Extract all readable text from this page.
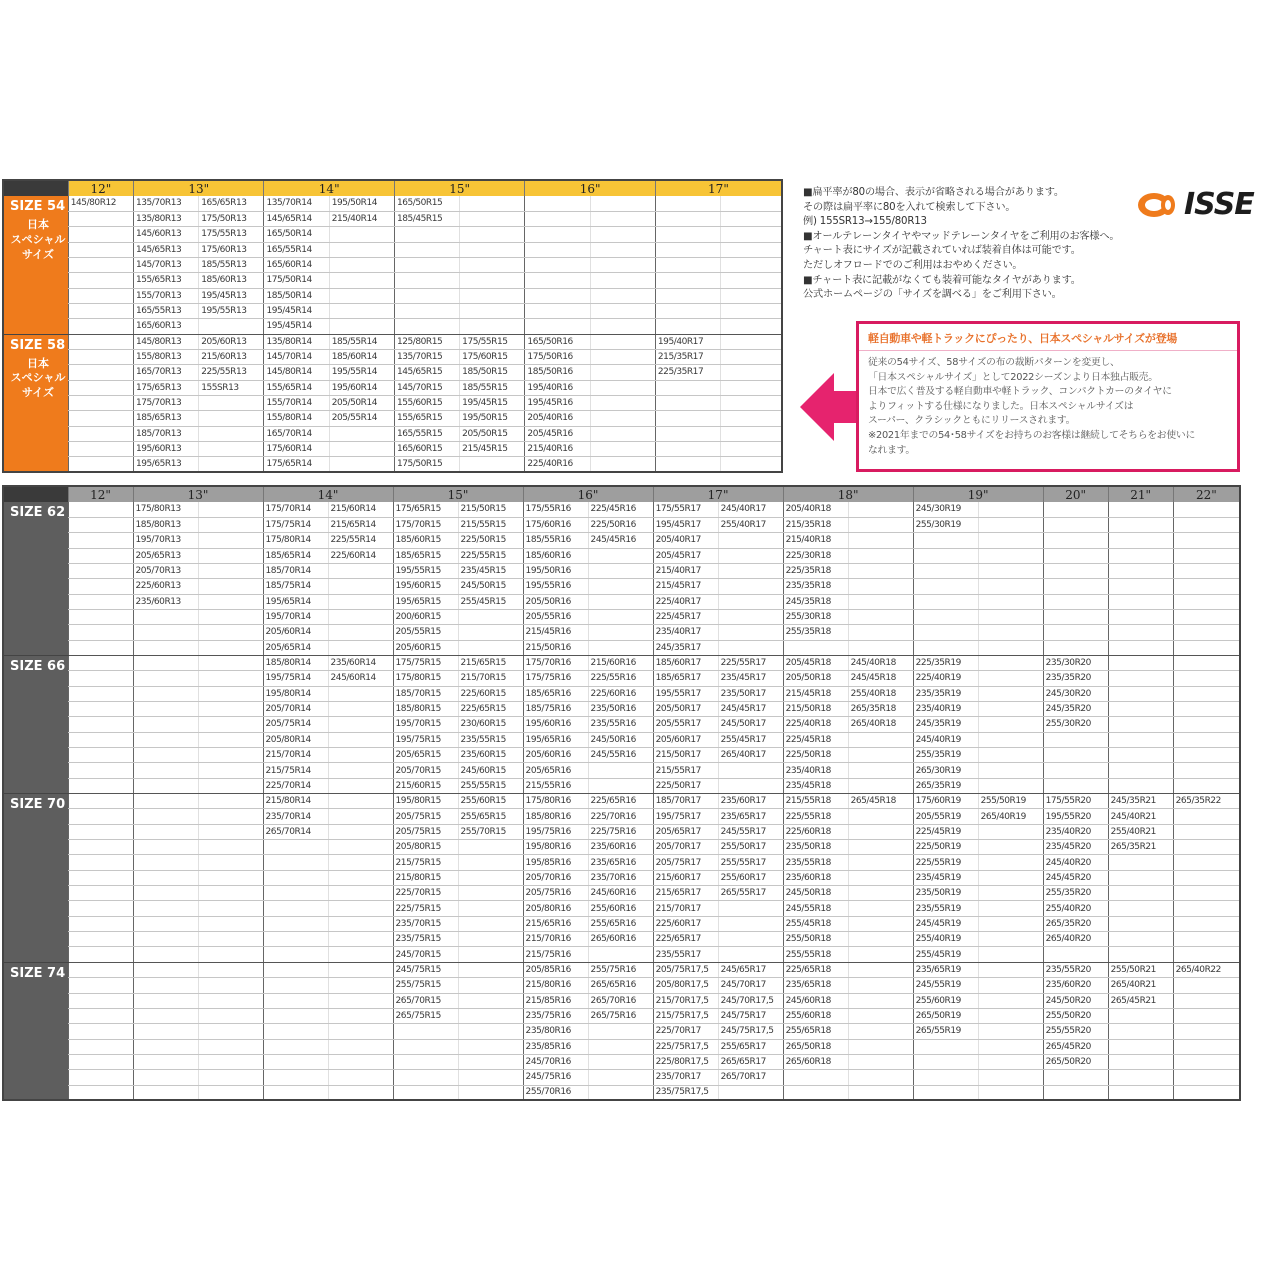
	12"	13"		14"		15"		16"		17"	
SIZE 54
日本
スペシャル
サイズ	145/80R12	135/70R13	165/65R13	135/70R14	195/50R14	165/50R15					
		135/80R13	175/50R13	145/65R14	215/40R14	185/45R15					
		145/60R13	175/55R13	165/50R14							
		145/65R13	175/60R13	165/55R14							
		145/70R13	185/55R13	165/60R14							
		155/65R13	185/60R13	175/50R14							
		155/70R13	195/45R13	185/50R14							
		165/55R13	195/55R13	195/45R14							
		165/60R13		195/45R14							
SIZE 58
日本
スペシャル
サイズ		145/80R13	205/60R13	135/80R14	185/55R14	125/80R15	175/55R15	165/50R16		195/40R17	
		155/80R13	215/60R13	145/70R14	185/60R14	135/70R15	175/60R15	175/50R16		215/35R17	
		165/70R13	225/55R13	145/80R14	195/55R14	145/65R15	185/50R15	185/50R16		225/35R17	
		175/65R13	155SR13	155/65R14	195/60R14	145/70R15	185/55R15	195/40R16			
		175/70R13		155/70R14	205/50R14	155/60R15	195/45R15	195/45R16			
		185/65R13		155/80R14	205/55R14	155/65R15	195/50R15	205/40R16			
		185/70R13		165/70R14		165/55R15	205/50R15	205/45R16			
		195/60R13		175/60R14		165/60R15	215/45R15	215/40R16			
		195/65R13		175/65R14		175/50R15		225/40R16			
	12"	13"		14"		15"		16"		17"		18"		19"		20"	21"	22"
SIZE 62		175/80R13		175/70R14	215/60R14	175/65R15	215/50R15	175/55R16	225/45R16	175/55R17	245/40R17	205/40R18		245/30R19				
		185/80R13		175/75R14	215/65R14	175/70R15	215/55R15	175/60R16	225/50R16	195/45R17	255/40R17	215/35R18		255/30R19				
		195/70R13		175/80R14	225/55R14	185/60R15	225/50R15	185/55R16	245/45R16	205/40R17		215/40R18						
		205/65R13		185/65R14	225/60R14	185/65R15	225/55R15	185/60R16		205/45R17		225/30R18						
		205/70R13		185/70R14		195/55R15	235/45R15	195/50R16		215/40R17		225/35R18						
		225/60R13		185/75R14		195/60R15	245/50R15	195/55R16		215/45R17		235/35R18						
		235/60R13		195/65R14		195/65R15	255/45R15	205/50R16		225/40R17		245/35R18						
				195/70R14		200/60R15		205/55R16		225/45R17		255/30R18						
				205/60R14		205/55R15		215/45R16		235/40R17		255/35R18						
				205/65R14		205/60R15		215/50R16		245/35R17								
SIZE 66				185/80R14	235/60R14	175/75R15	215/65R15	175/70R16	215/60R16	185/60R17	225/55R17	205/45R18	245/40R18	225/35R19		235/30R20		
				195/75R14	245/60R14	175/80R15	215/70R15	175/75R16	225/55R16	185/65R17	235/45R17	205/50R18	245/45R18	225/40R19		235/35R20		
				195/80R14		185/70R15	225/60R15	185/65R16	225/60R16	195/55R17	235/50R17	215/45R18	255/40R18	235/35R19		245/30R20		
				205/70R14		185/80R15	225/65R15	185/75R16	235/50R16	205/50R17	245/45R17	215/50R18	265/35R18	235/40R19		245/35R20		
				205/75R14		195/70R15	230/60R15	195/60R16	235/55R16	205/55R17	245/50R17	225/40R18	265/40R18	245/35R19		255/30R20		
				205/80R14		195/75R15	235/55R15	195/65R16	245/50R16	205/60R17	255/45R17	225/45R18		245/40R19				
				215/70R14		205/65R15	235/60R15	205/60R16	245/55R16	215/50R17	265/40R17	225/50R18		255/35R19				
				215/75R14		205/70R15	245/60R15	205/65R16		215/55R17		235/40R18		265/30R19				
				225/70R14		215/60R15	255/55R15	215/55R16		225/50R17		235/45R18		265/35R19				
SIZE 70				215/80R14		195/80R15	255/60R15	175/80R16	225/65R16	185/70R17	235/60R17	215/55R18	265/45R18	175/60R19	255/50R19	175/55R20	245/35R21	265/35R22
				235/70R14		205/75R15	255/65R15	185/80R16	225/70R16	195/75R17	235/65R17	225/55R18		205/55R19	265/40R19	195/55R20	245/40R21	
				265/70R14		205/75R15	255/70R15	195/75R16	225/75R16	205/65R17	245/55R17	225/60R18		225/45R19		235/40R20	255/40R21	
						205/80R15		195/80R16	235/60R16	205/70R17	255/50R17	235/50R18		225/50R19		235/45R20	265/35R21	
						215/75R15		195/85R16	235/65R16	205/75R17	255/55R17	235/55R18		225/55R19		245/40R20		
						215/80R15		205/70R16	235/70R16	215/60R17	255/60R17	235/60R18		235/45R19		245/45R20		
						225/70R15		205/75R16	245/60R16	215/65R17	265/55R17	245/50R18		235/50R19		255/35R20		
						225/75R15		205/80R16	255/60R16	215/70R17		245/55R18		235/55R19		255/40R20		
						235/70R15		215/65R16	255/65R16	225/60R17		255/45R18		245/45R19		265/35R20		
						235/75R15		215/70R16	265/60R16	225/65R17		255/50R18		255/40R19		265/40R20		
						245/70R15		215/75R16		235/55R17		255/55R18		255/45R19				
SIZE 74						245/75R15		205/85R16	255/75R16	205/75R17,5	245/65R17	225/65R18		235/65R19		235/55R20	255/50R21	265/40R22
						255/75R15		215/80R16	265/65R16	205/80R17,5	245/70R17	235/65R18		245/55R19		235/60R20	265/40R21	
						265/70R15		215/85R16	265/70R16	215/70R17,5	245/70R17,5	245/60R18		255/60R19		245/50R20	265/45R21	
						265/75R15		235/75R16	265/75R16	215/75R17,5	245/75R17	255/60R18		265/50R19		255/50R20		
								235/80R16		225/70R17	245/75R17,5	255/65R18		265/55R19		255/55R20		
								235/85R16		225/75R17,5	255/65R17	265/50R18				265/45R20		
								245/70R16		225/80R17,5	265/65R17	265/60R18				265/50R20		
								245/75R16		235/70R17	265/70R17							
								255/70R16		235/75R17,5								
■扁平率が80の場合、表示が省略される場合があります。
その際は扁平率に80を入れて検索して下さい。
例) 155SR13→155/80R13
■オールテレーンタイヤやマッドテレーンタイヤをご利用のお客様へ。
チャート表にサイズが記載されていれば装着自体は可能です。
ただしオフロードでのご利用はおやめください。
■チャート表に記載がなくても装着可能なタイヤがあります。
公式ホームページの「サイズを調べる」をご利用下さい。
ISSE
軽自動車や軽トラックにぴったり、日本スペシャルサイズが登場
従来の54サイズ、58サイズの布の裁断パターンを変更し、
「日本スペシャルサイズ」として2022シーズンより日本独占販売。
日本で広く普及する軽自動車や軽トラック、コンパクトカーのタイヤに
よりフィットする仕様になりました。日本スペシャルサイズは
スーパー、クラシックともにリリースされます。
※2021年までの54･58サイズをお持ちのお客様は継続してそちらをお使いに
なれます。
